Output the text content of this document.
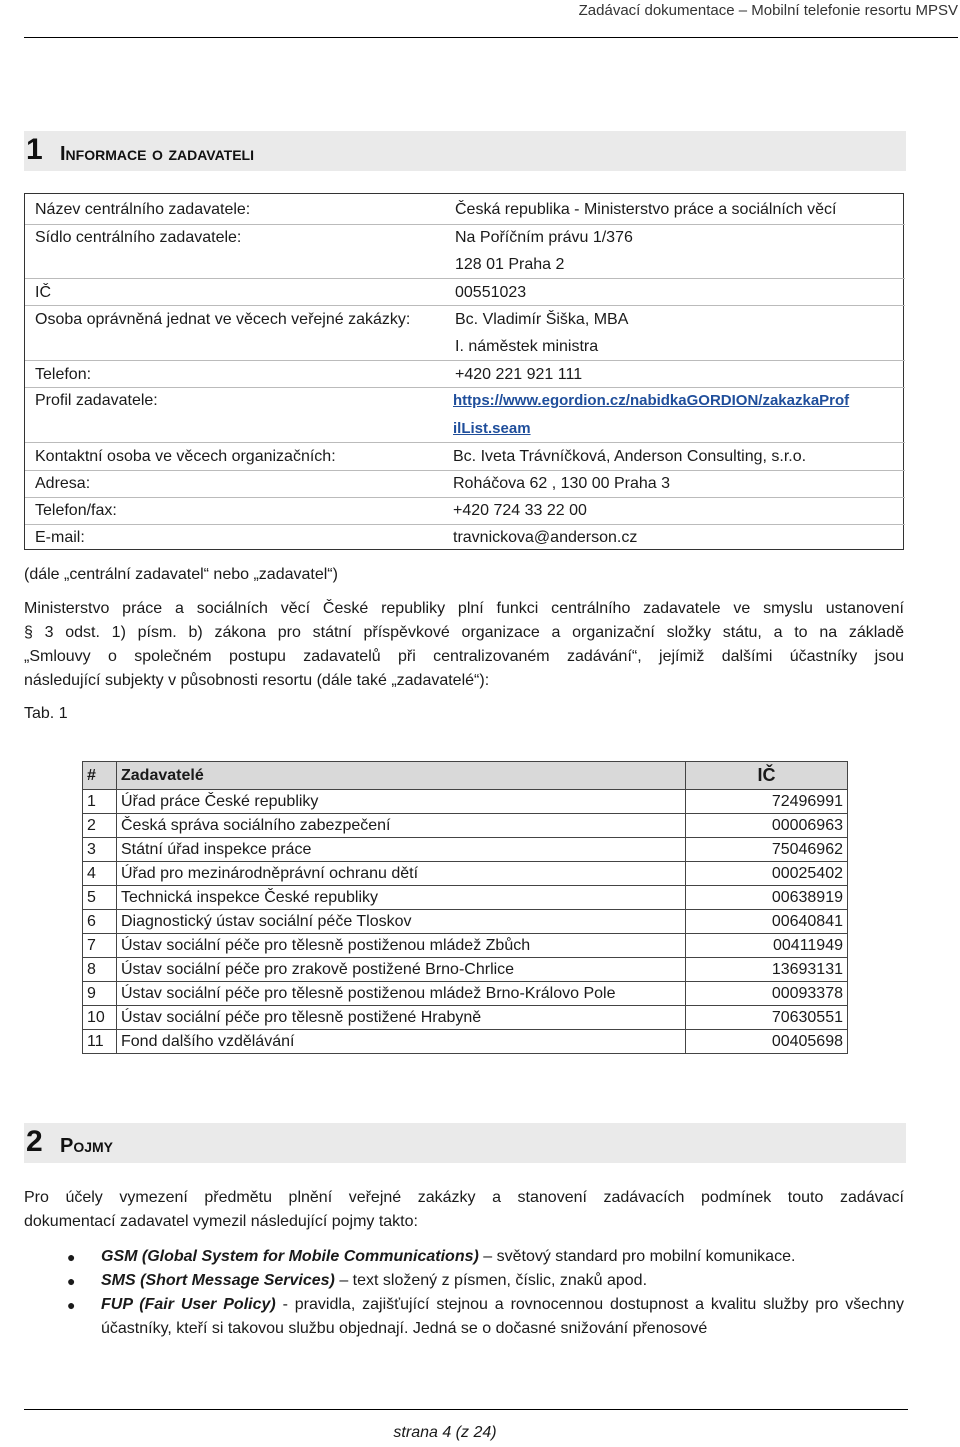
Zadávací dokumentace – Mobilní telefonie resortu MPSV
1 Informace o zadavateli
Název centrálního zadavatele:	Česká republika - Ministerstvo práce a sociálních věcí
Sídlo centrálního zadavatele:	Na Poříčním právu 1/376
128 01 Praha 2
IČ	00551023
Osoba oprávněná jednat ve věcech veřejné zakázky:	Bc. Vladimír Šiška, MBA
I. náměstek ministra
Telefon:	+420 221 921 111
Profil zadavatele:	https://www.egordion.cz/nabidkaGORDION/zakazkaProf
ilList.seam
Kontaktní osoba ve věcech organizačních:	Bc. Iveta Trávníčková, Anderson Consulting, s.r.o.
Adresa:	Roháčova 62 , 130 00 Praha 3
Telefon/fax:	+420 724 33 22 00
E-mail:	travnickova@anderson.cz
(dále „centrální zadavatel“ nebo „zadavatel“)
Ministerstvo práce a sociálních věcí České republiky plní funkci centrálního zadavatele ve smyslu ustanovení
§ 3 odst. 1) písm. b) zákona pro státní příspěvkové organizace a organizační složky státu, a to na základě
„Smlouvy o společném postupu zadavatelů při centralizovaném zadávání“, jejímiž dalšími účastníky jsou
následující subjekty v působnosti resortu (dále také „zadavatelé“):
Tab. 1
#	Zadavatelé	IČ
1	Úřad práce České republiky	72496991
2	Česká správa sociálního zabezpečení	00006963
3	Státní úřad inspekce práce	75046962
4	Úřad pro mezinárodněprávní ochranu dětí	00025402
5	Technická inspekce České republiky	00638919
6	Diagnostický ústav sociální péče Tloskov	00640841
7	Ústav sociální péče pro tělesně postiženou mládež Zbůch	00411949
8	Ústav sociální péče pro zrakově postižené Brno-Chrlice	13693131
9	Ústav sociální péče pro tělesně postiženou mládež Brno-Královo Pole	00093378
10	Ústav sociální péče pro tělesně postižené Hrabyně	70630551
11	Fond dalšího vzdělávání	00405698
2 Pojmy
Pro účely vymezení předmětu plnění veřejné zakázky a stanovení zadávacích podmínek touto zadávací
dokumentací zadavatel vymezil následující pojmy takto:
● GSM (Global System for Mobile Communications) – světový standard pro mobilní komunikace.
● SMS (Short Message Services) – text složený z písmen, číslic, znaků apod.
● FUP (Fair User Policy) - pravidla, zajišťující stejnou a rovnocennou dostupnost a kvalitu služby pro všechny účastníky, kteří si takovou službu objednají. Jedná se o dočasné snižování přenosové
strana 4 (z 24)
